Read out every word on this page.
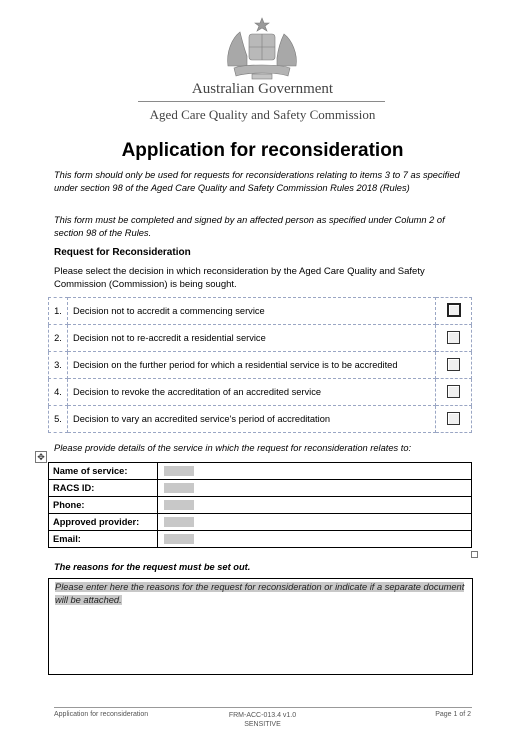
Australian Government
Aged Care Quality and Safety Commission
Application for reconsideration
This form should only be used for requests for reconsiderations relating to items 3 to 7 as specified under section 98 of the Aged Care Quality and Safety Commission Rules 2018 (Rules)
This form must be completed and signed by an affected person as specified under Column 2 of section 98 of the Rules.
Request for Reconsideration
Please select the decision in which reconsideration by the Aged Care Quality and Safety Commission (Commission) is being sought.
1.	Decision not to accredit a commencing service	
2.	Decision not to re-accredit a residential service	
3.	Decision on the further period for which a residential service is to be accredited	
4.	Decision to revoke the accreditation of an accredited service	
5.	Decision to vary an accredited service's period of accreditation	
Please provide details of the service in which the request for reconsideration relates to:
✥
Name of service:	
RACS ID:	
Phone:	
Approved provider:	
Email:	
The reasons for the request must be set out.
Please enter here the reasons for the request for reconsideration or indicate if a separate document will be attached.
Application for reconsideration	FRM-ACC-013.4 v1.0
SENSITIVE
Page 1 of 2
